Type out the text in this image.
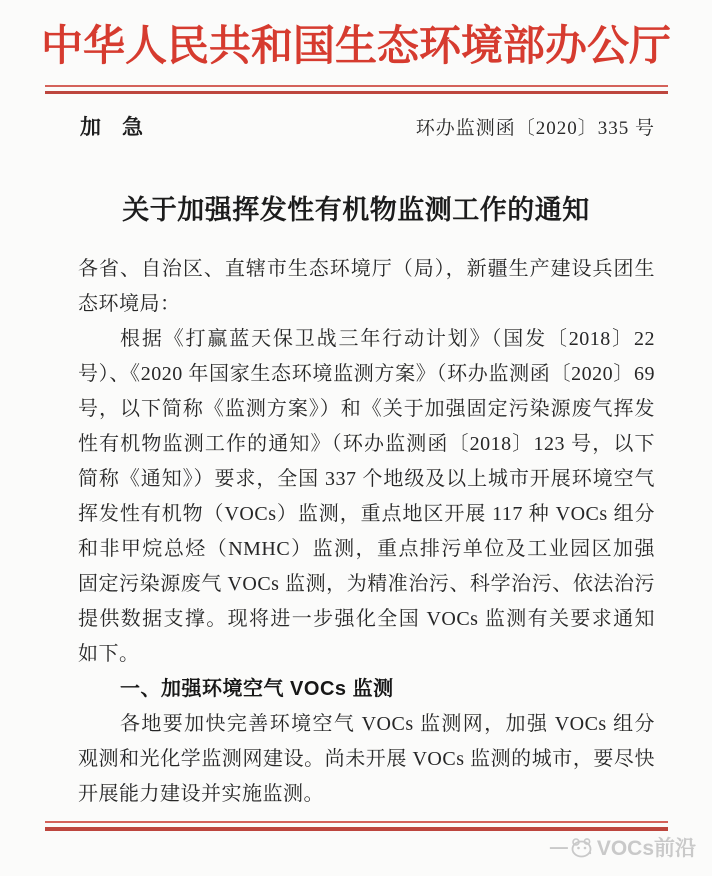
中华人民共和国生态环境部办公厅
加　急	环办监测函〔2020〕335 号
关于加强挥发性有机物监测工作的通知
各省、自治区、直辖市生态环境厅（局），新疆生产建设兵团生
态环境局：
根据《打赢蓝天保卫战三年行动计划》（国发〔2018〕22
号）、《2020 年国家生态环境监测方案》（环办监测函〔2020〕69
号，以下简称《监测方案》）和《关于加强固定污染源废气挥发
性有机物监测工作的通知》（环办监测函〔2018〕123 号，以下
简称《通知》）要求，全国 337 个地级及以上城市开展环境空气
挥发性有机物（VOCs）监测，重点地区开展 117 种 VOCs 组分
和非甲烷总烃（NMHC）监测，重点排污单位及工业园区加强
固定污染源废气 VOCs 监测，为精准治污、科学治污、依法治污
提供数据支撑。现将进一步强化全国 VOCs 监测有关要求通知
如下。
一、加强环境空气 VOCs 监测
各地要加快完善环境空气 VOCs 监测网，加强 VOCs 组分
观测和光化学监测网建设。尚未开展 VOCs 监测的城市，要尽快
开展能力建设并实施监测。
— VOCs前沿
